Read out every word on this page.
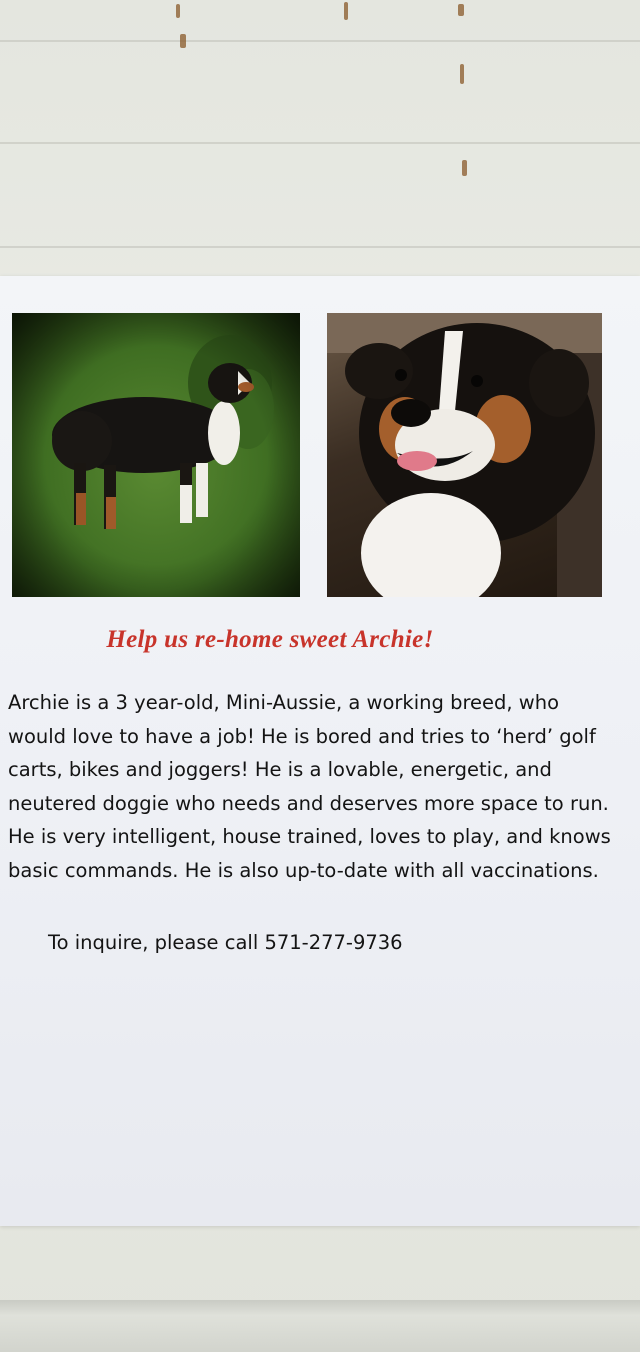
Help us re-home sweet Archie!
Archie is a 3 year-old, Mini-Aussie, a working breed, who
would love to have a job! He is bored and tries to ‘herd’ golf
carts, bikes and joggers! He is a lovable, energetic, and
neutered doggie who needs and deserves more space to run.
He is very intelligent, house trained, loves to play, and knows
basic commands. He is also up-to-date with all vaccinations.
To inquire, please call 571-277-9736
